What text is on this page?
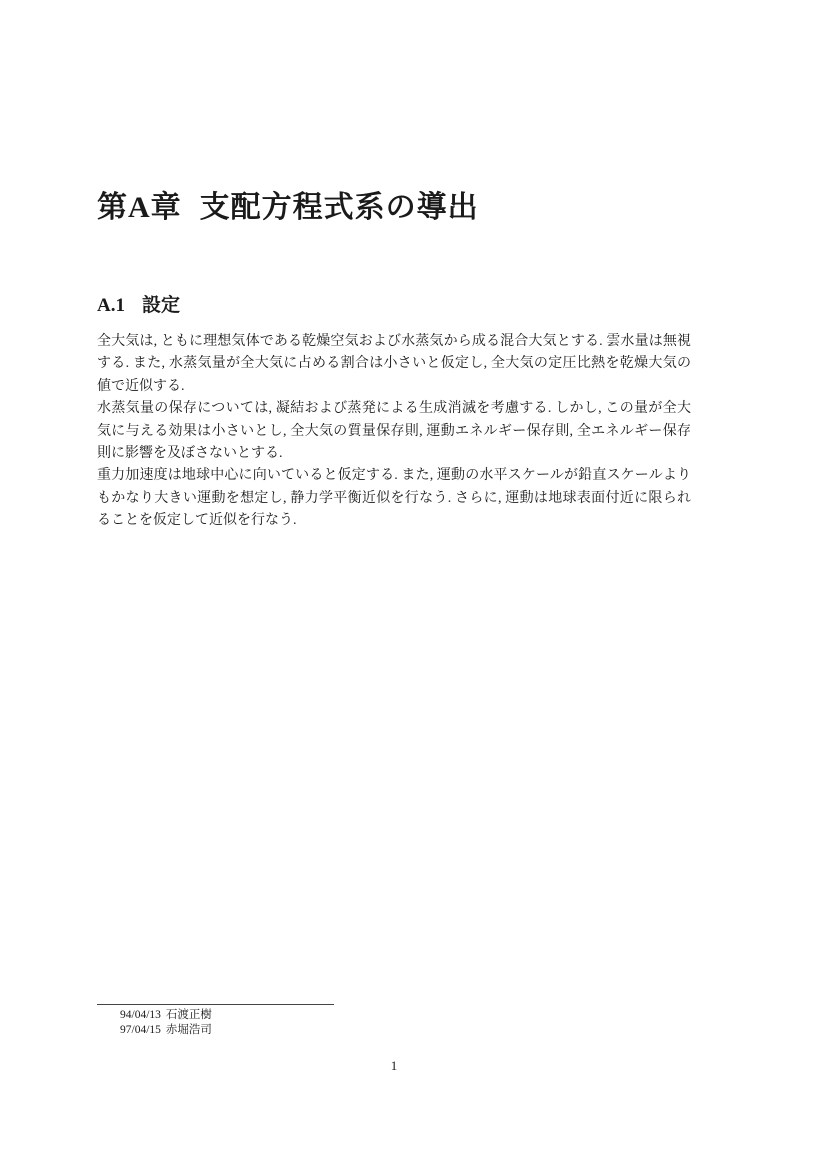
第A章 支配方程式系の導出
A.1 設定

全大気は, ともに理想気体である乾燥空気および水蒸気から成る混合大気とする. 雲水量は無視する. また, 水蒸気量が全大気に占める割合は小さいと仮定し, 全大気の定圧比熱を乾燥大気の値で近似する.

水蒸気量の保存については, 凝結および蒸発による生成消滅を考慮する. しかし, この量が全大気に与える効果は小さいとし, 全大気の質量保存則, 運動エネルギー保存則, 全エネルギー保存則に影響を及ぼさないとする.

重力加速度は地球中心に向いていると仮定する. また, 運動の水平スケールが鉛直スケールよりもかなり大きい運動を想定し, 静力学平衡近似を行なう. さらに, 運動は地球表面付近に限られることを仮定して近似を行なう.

94/04/13 石渡正樹
97/04/15 赤堀浩司
1
